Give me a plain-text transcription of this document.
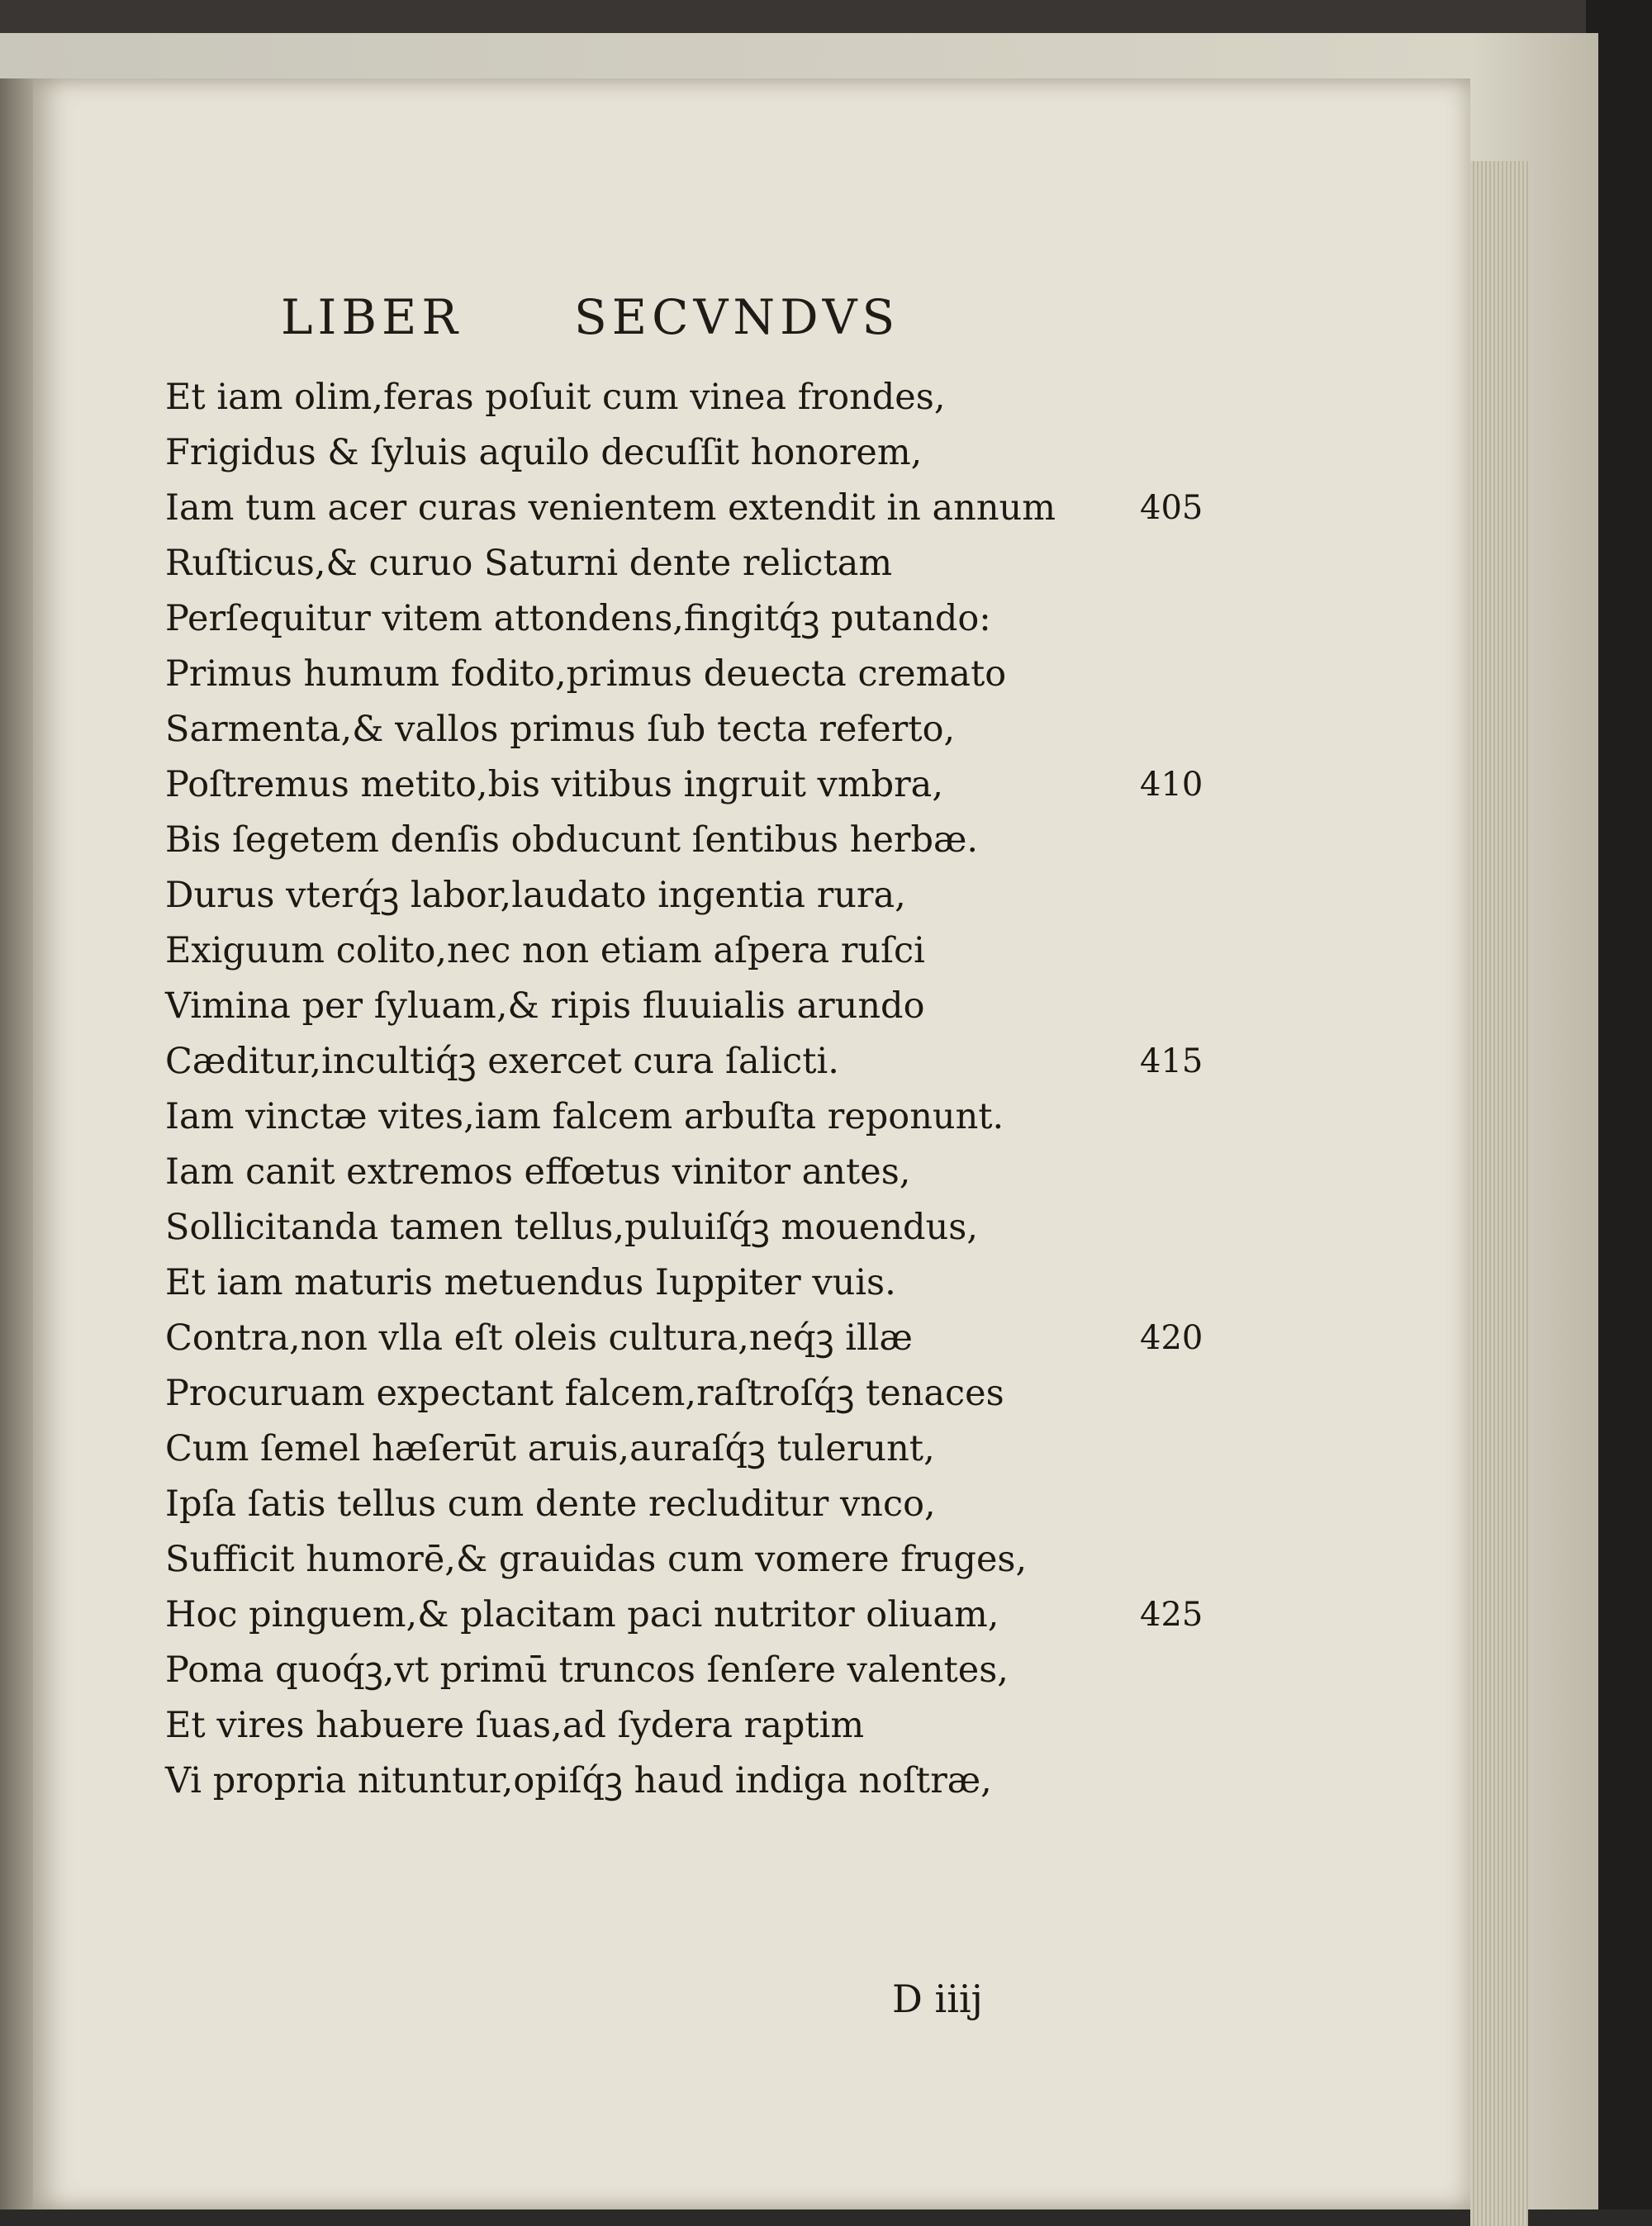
LIBER SECVNDVS
Et iam olim,feras poſuit cum vinea frondes,
Frigidus & ſyluis aquilo decuſſit honorem,
Iam tum acer curas venientem extendit in annum
Ruſticus,& curuo Saturni dente relictam
Perſequitur vitem attondens,fingitq́ꝫ putando:
Primus humum fodito,primus deuecta cremato
Sarmenta,& vallos primus ſub tecta referto,
Poſtremus metito,bis vitibus ingruit vmbra,
Bis ſegetem denſis obducunt ſentibus herbæ.
Durus vterq́ꝫ labor,laudato ingentia rura,
Exiguum colito,nec non etiam aſpera ruſci
Vimina per ſyluam,& ripis fluuialis arundo
Cæditur,incultiq́ꝫ exercet cura ſalicti.
Iam vinctæ vites,iam falcem arbuſta reponunt.
Iam canit extremos effœtus vinitor antes,
Sollicitanda tamen tellus,puluiſq́ꝫ mouendus,
Et iam maturis metuendus Iuppiter vuis.
Contra,non vlla eſt oleis cultura,neq́ꝫ illæ
Procuruam expectant falcem,raſtroſq́ꝫ tenaces
Cum ſemel hæſerūt aruis,auraſq́ꝫ tulerunt,
Ipſa ſatis tellus cum dente recluditur vnco,
Sufficit humorē,& grauidas cum vomere fruges,
Hoc pinguem,& placitam paci nutritor oliuam,
Poma quoq́ꝫ,vt primū truncos ſenſere valentes,
Et vires habuere ſuas,ad ſydera raptim
Vi propria nituntur,opiſq́ꝫ haud indiga noſtræ,
405
410
415
420
425
D iiij
